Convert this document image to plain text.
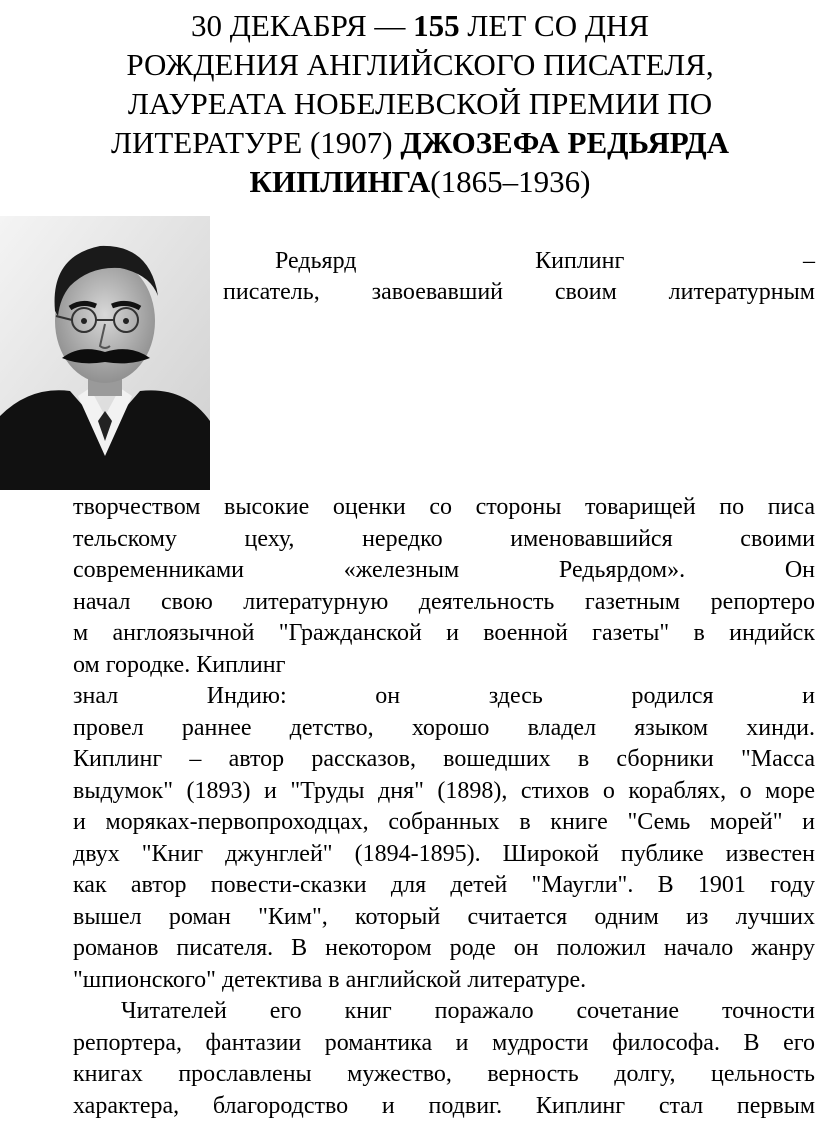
30 ДЕКАБРЯ — 155 ЛЕТ СО ДНЯ
РОЖДЕНИЯ АНГЛИЙСКОГО ПИСАТЕЛЯ,
ЛАУРЕАТА НОБЕЛЕВСКОЙ ПРЕМИИ ПО
ЛИТЕРАТУРЕ (1907) ДЖОЗЕФА РЕДЬЯРДА
КИПЛИНГА(1865–1936)
Редьярд	Киплинг	–
писатель, завоевавший своим литературным
творчеством высокие оценки со стороны товарищей по писа
тельскому цеху, нередко именовавшийся своими
современниками «железным Редьярдом». Он
начал свою литературную деятельность газетным репортеро
м англоязычной "Гражданской и военной газеты" в индийск
ом городке. Киплинг
знал Индию: он здесь родился и
провел раннее детство, хорошо владел языком хинди.
Киплинг – автор рассказов, вошедших в сборники "Масса
выдумок" (1893) и "Труды дня" (1898), стихов о кораблях, о море
и моряках-первопроходцах, собранных в книге "Семь морей" и
двух "Книг джунглей" (1894-1895). Широкой публике известен
как автор повести-сказки для детей "Маугли". В 1901 году
вышел роман "Ким", который считается одним из лучших
романов писателя. В некотором роде он положил начало жанру
"шпионского" детектива в английской литературе.
Читателей его книг поражало сочетание точности
репортера, фантазии романтика и мудрости философа. В его
книгах прославлены мужество, верность долгу, цельность
характера, благородство и подвиг. Киплинг стал первым
